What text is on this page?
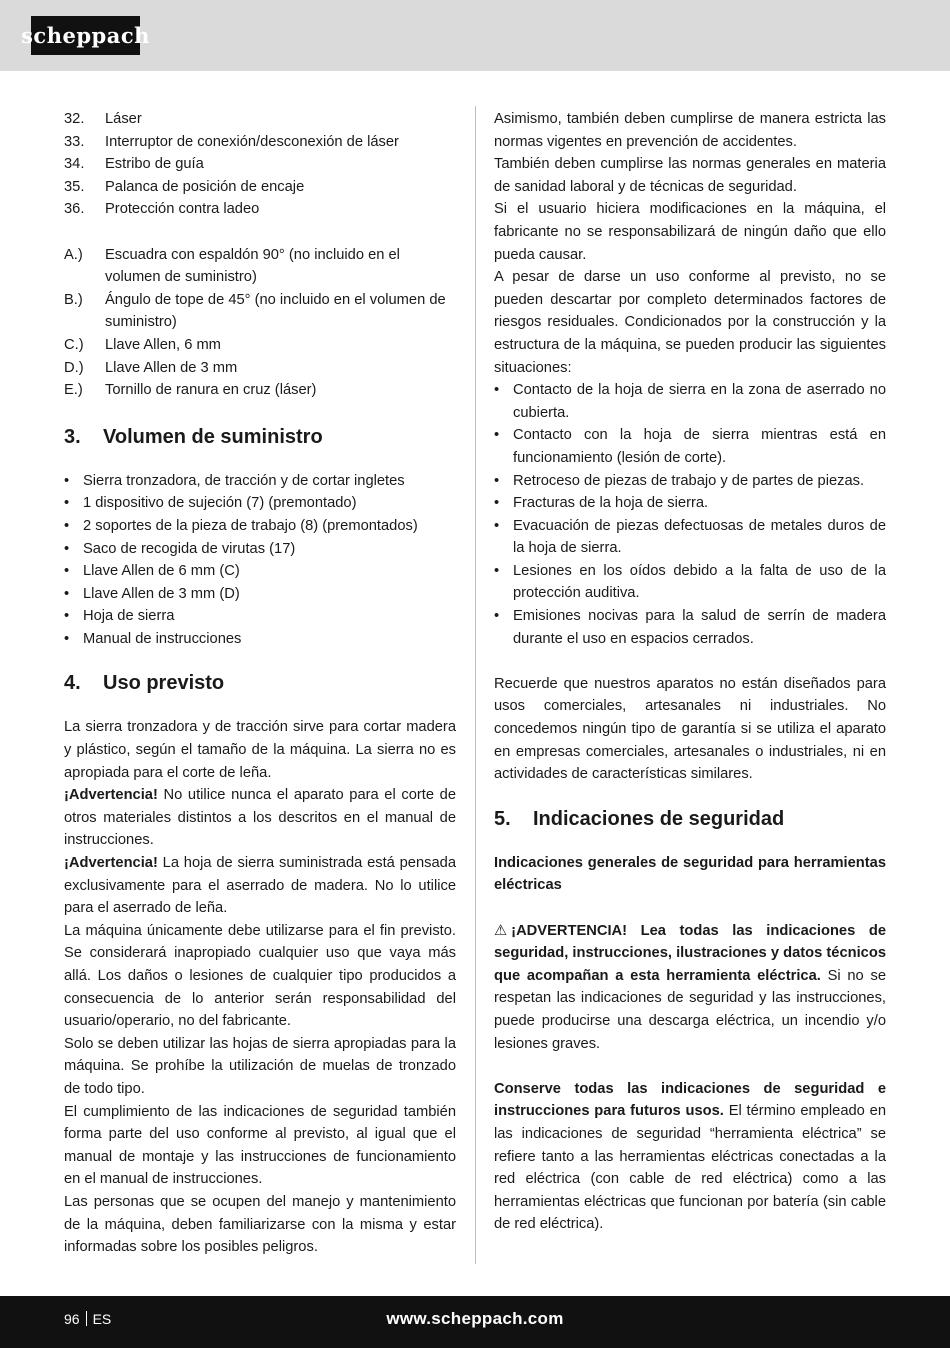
scheppach
32.	Láser
33.	Interruptor de conexión/desconexión de láser
34.	Estribo de guía
35.	Palanca de posición de encaje
36.	Protección contra ladeo
A.)	Escuadra con espaldón 90° (no incluido en el volumen de suministro)
B.)	Ángulo de tope de 45° (no incluido en el volumen de suministro)
C.)	Llave Allen, 6 mm
D.)	Llave Allen de 3 mm
E.)	Tornillo de ranura en cruz (láser)
3.	Volumen de suministro
• Sierra tronzadora, de tracción y de cortar ingletes
• 1 dispositivo de sujeción (7) (premontado)
• 2 soportes de la pieza de trabajo (8) (premontados)
• Saco de recogida de virutas (17)
• Llave Allen de 6 mm (C)
• Llave Allen de 3 mm (D)
• Hoja de sierra
• Manual de instrucciones
4.	Uso previsto

La sierra tronzadora y de tracción sirve para cortar madera y plástico, según el tamaño de la máquina. La sierra no es apropiada para el corte de leña.

¡Advertencia! No utilice nunca el aparato para el corte de otros materiales distintos a los descritos en el manual de instrucciones.

¡Advertencia! La hoja de sierra suministrada está pensada exclusivamente para el aserrado de madera. No lo utilice para el aserrado de leña.

La máquina únicamente debe utilizarse para el fin previsto. Se considerará inapropiado cualquier uso que vaya más allá. Los daños o lesiones de cualquier tipo producidos a consecuencia de lo anterior serán responsabilidad del usuario/operario, no del fabricante.

Solo se deben utilizar las hojas de sierra apropiadas para la máquina. Se prohíbe la utilización de muelas de tronzado de todo tipo.

El cumplimiento de las indicaciones de seguridad también forma parte del uso conforme al previsto, al igual que el manual de montaje y las instrucciones de funcionamiento en el manual de instrucciones.

Las personas que se ocupen del manejo y mantenimiento de la máquina, deben familiarizarse con la misma y estar informadas sobre los posibles peligros.

Asimismo, también deben cumplirse de manera estricta las normas vigentes en prevención de accidentes.

También deben cumplirse las normas generales en materia de sanidad laboral y de técnicas de seguridad.

Si el usuario hiciera modificaciones en la máquina, el fabricante no se responsabilizará de ningún daño que ello pueda causar.

A pesar de darse un uso conforme al previsto, no se pueden descartar por completo determinados factores de riesgos residuales. Condicionados por la construcción y la estructura de la máquina, se pueden producir las siguientes situaciones:

• Contacto de la hoja de sierra en la zona de aserrado no cubierta.
• Contacto con la hoja de sierra mientras está en funcionamiento (lesión de corte).
• Retroceso de piezas de trabajo y de partes de piezas.
• Fracturas de la hoja de sierra.
• Evacuación de piezas defectuosas de metales duros de la hoja de sierra.
• Lesiones en los oídos debido a la falta de uso de la protección auditiva.
• Emisiones nocivas para la salud de serrín de madera durante el uso en espacios cerrados.

Recuerde que nuestros aparatos no están diseñados para usos comerciales, artesanales ni industriales. No concedemos ningún tipo de garantía si se utiliza el aparato en empresas comerciales, artesanales o industriales, ni en actividades de características similares.

5.	Indicaciones de seguridad

Indicaciones generales de seguridad para herramientas eléctricas

⚠ ¡ADVERTENCIA! Lea todas las indicaciones de seguridad, instrucciones, ilustraciones y datos técnicos que acompañan a esta herramienta eléctrica. Si no se respetan las indicaciones de seguridad y las instrucciones, puede producirse una descarga eléctrica, un incendio y/o lesiones graves.

Conserve todas las indicaciones de seguridad e instrucciones para futuros usos. El término empleado en las indicaciones de seguridad “herramienta eléctrica” se refiere tanto a las herramientas eléctricas conectadas a la red eléctrica (con cable de red eléctrica) como a las herramientas eléctricas que funcionan por batería (sin cable de red eléctrica).

96 ES	www.scheppach.com
